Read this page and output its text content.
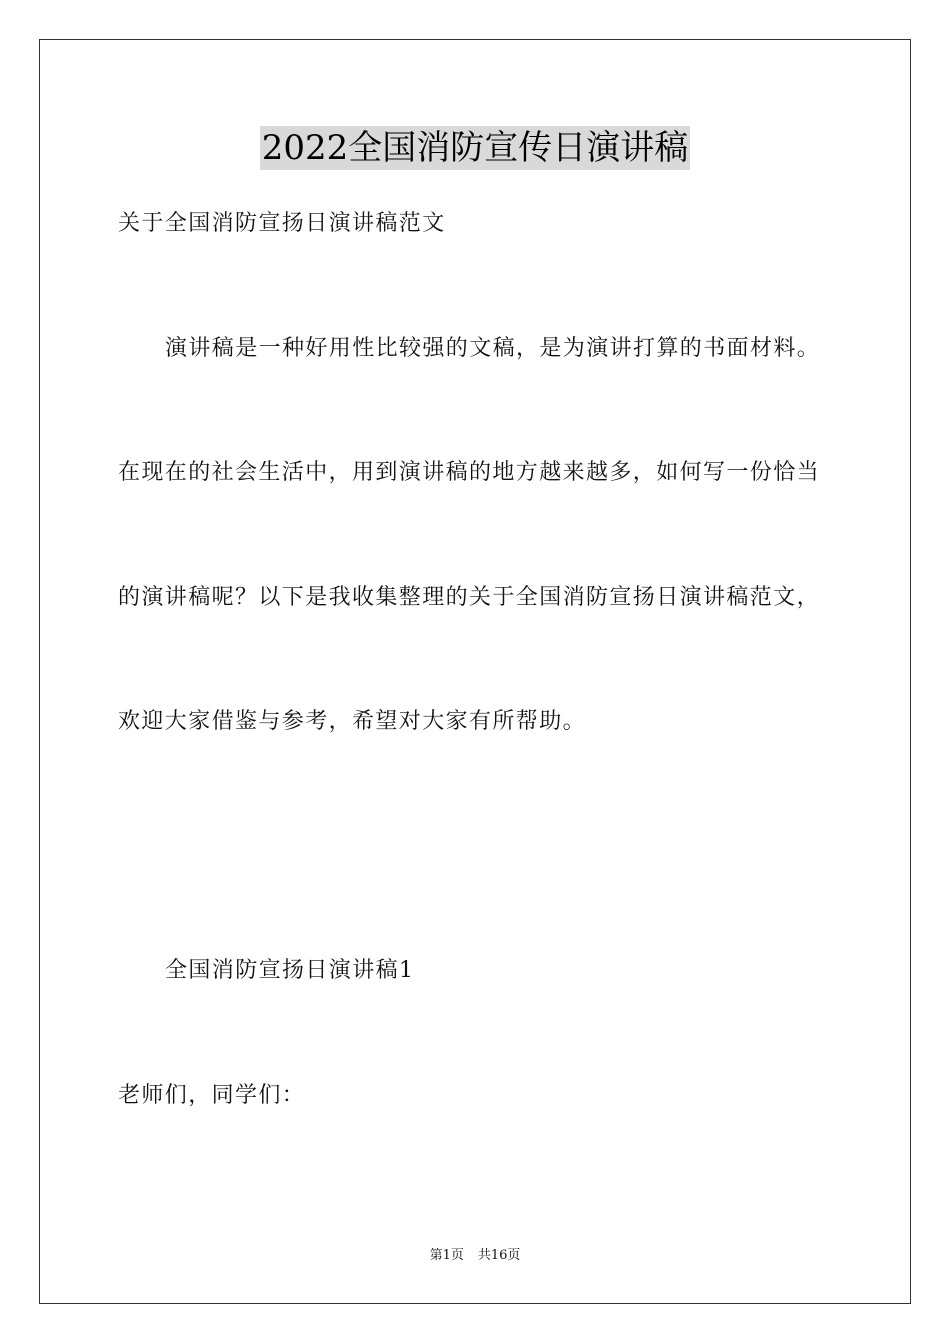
2022全国消防宣传日演讲稿
关于全国消防宣扬日演讲稿范文
演讲稿是一种好用性比较强的文稿，是为演讲打算的书面材料。
在现在的社会生活中，用到演讲稿的地方越来越多，如何写一份恰当
的演讲稿呢？以下是我收集整理的关于全国消防宣扬日演讲稿范文，
欢迎大家借鉴与参考，希望对大家有所帮助。
全国消防宣扬日演讲稿1
老师们，同学们：
第1页 共16页
